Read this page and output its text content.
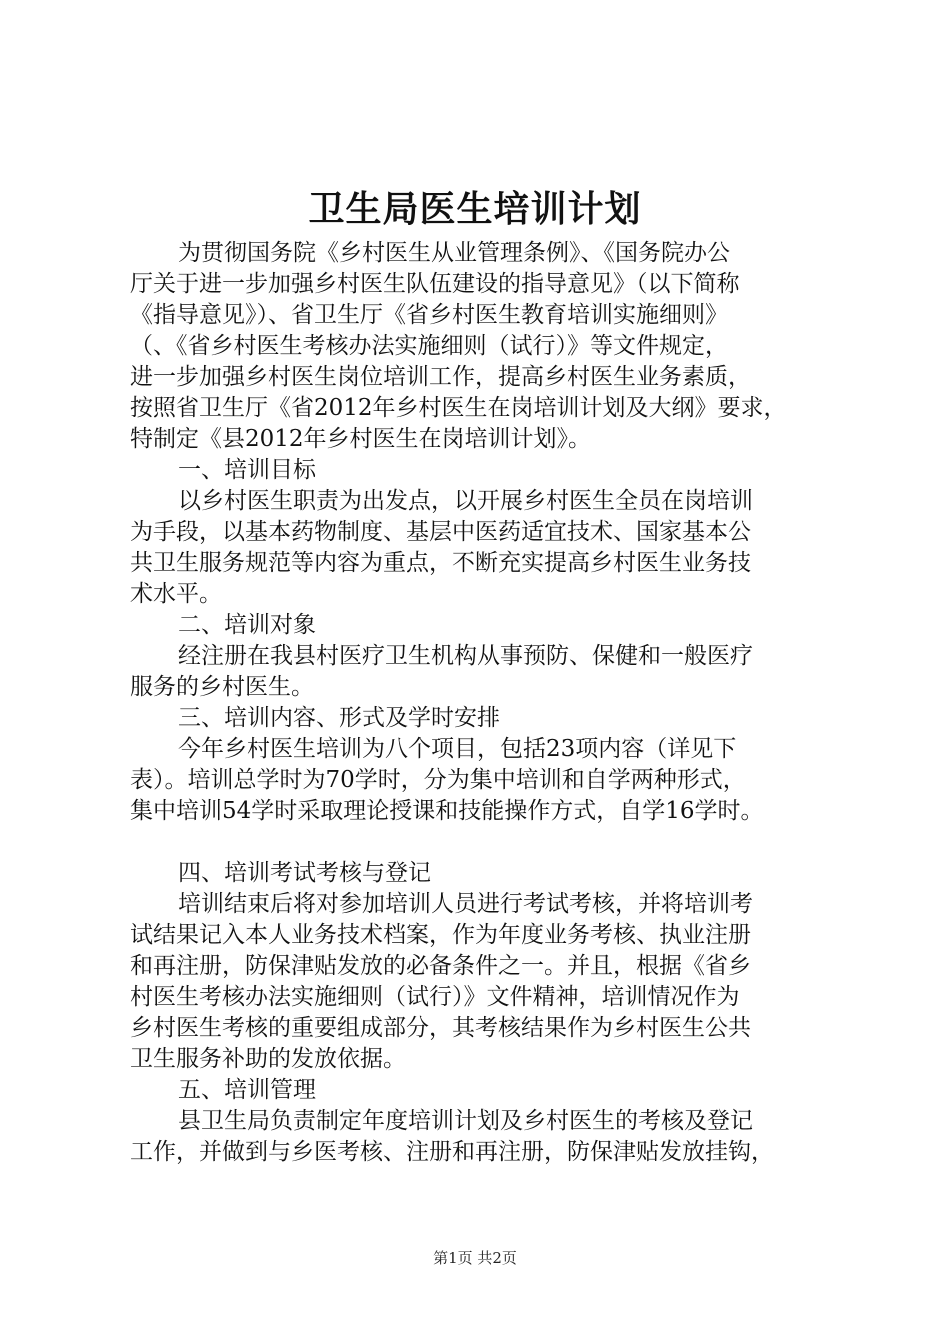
卫生局医生培训计划
为贯彻国务院《乡村医生从业管理条例》、《国务院办公
厅关于进一步加强乡村医生队伍建设的指导意见》（以下简称
《指导意见》）、省卫生厅《省乡村医生教育培训实施细则》
（、《省乡村医生考核办法实施细则（试行）》等文件规定，
进一步加强乡村医生岗位培训工作，提高乡村医生业务素质，
按照省卫生厅《省2012年乡村医生在岗培训计划及大纲》要求，
特制定《县2012年乡村医生在岗培训计划》。
一、培训目标
以乡村医生职责为出发点，以开展乡村医生全员在岗培训
为手段，以基本药物制度、基层中医药适宜技术、国家基本公
共卫生服务规范等内容为重点，不断充实提高乡村医生业务技
术水平。
二、培训对象
经注册在我县村医疗卫生机构从事预防、保健和一般医疗
服务的乡村医生。
三、培训内容、形式及学时安排
今年乡村医生培训为八个项目，包括23项内容（详见下
表）。培训总学时为70学时，分为集中培训和自学两种形式，
集中培训54学时采取理论授课和技能操作方式，自学16学时。
四、培训考试考核与登记
培训结束后将对参加培训人员进行考试考核，并将培训考
试结果记入本人业务技术档案，作为年度业务考核、执业注册
和再注册，防保津贴发放的必备条件之一。并且，根据《省乡
村医生考核办法实施细则（试行）》文件精神，培训情况作为
乡村医生考核的重要组成部分，其考核结果作为乡村医生公共
卫生服务补助的发放依据。
五、培训管理
县卫生局负责制定年度培训计划及乡村医生的考核及登记
工作，并做到与乡医考核、注册和再注册，防保津贴发放挂钩，
第1页 共2页
